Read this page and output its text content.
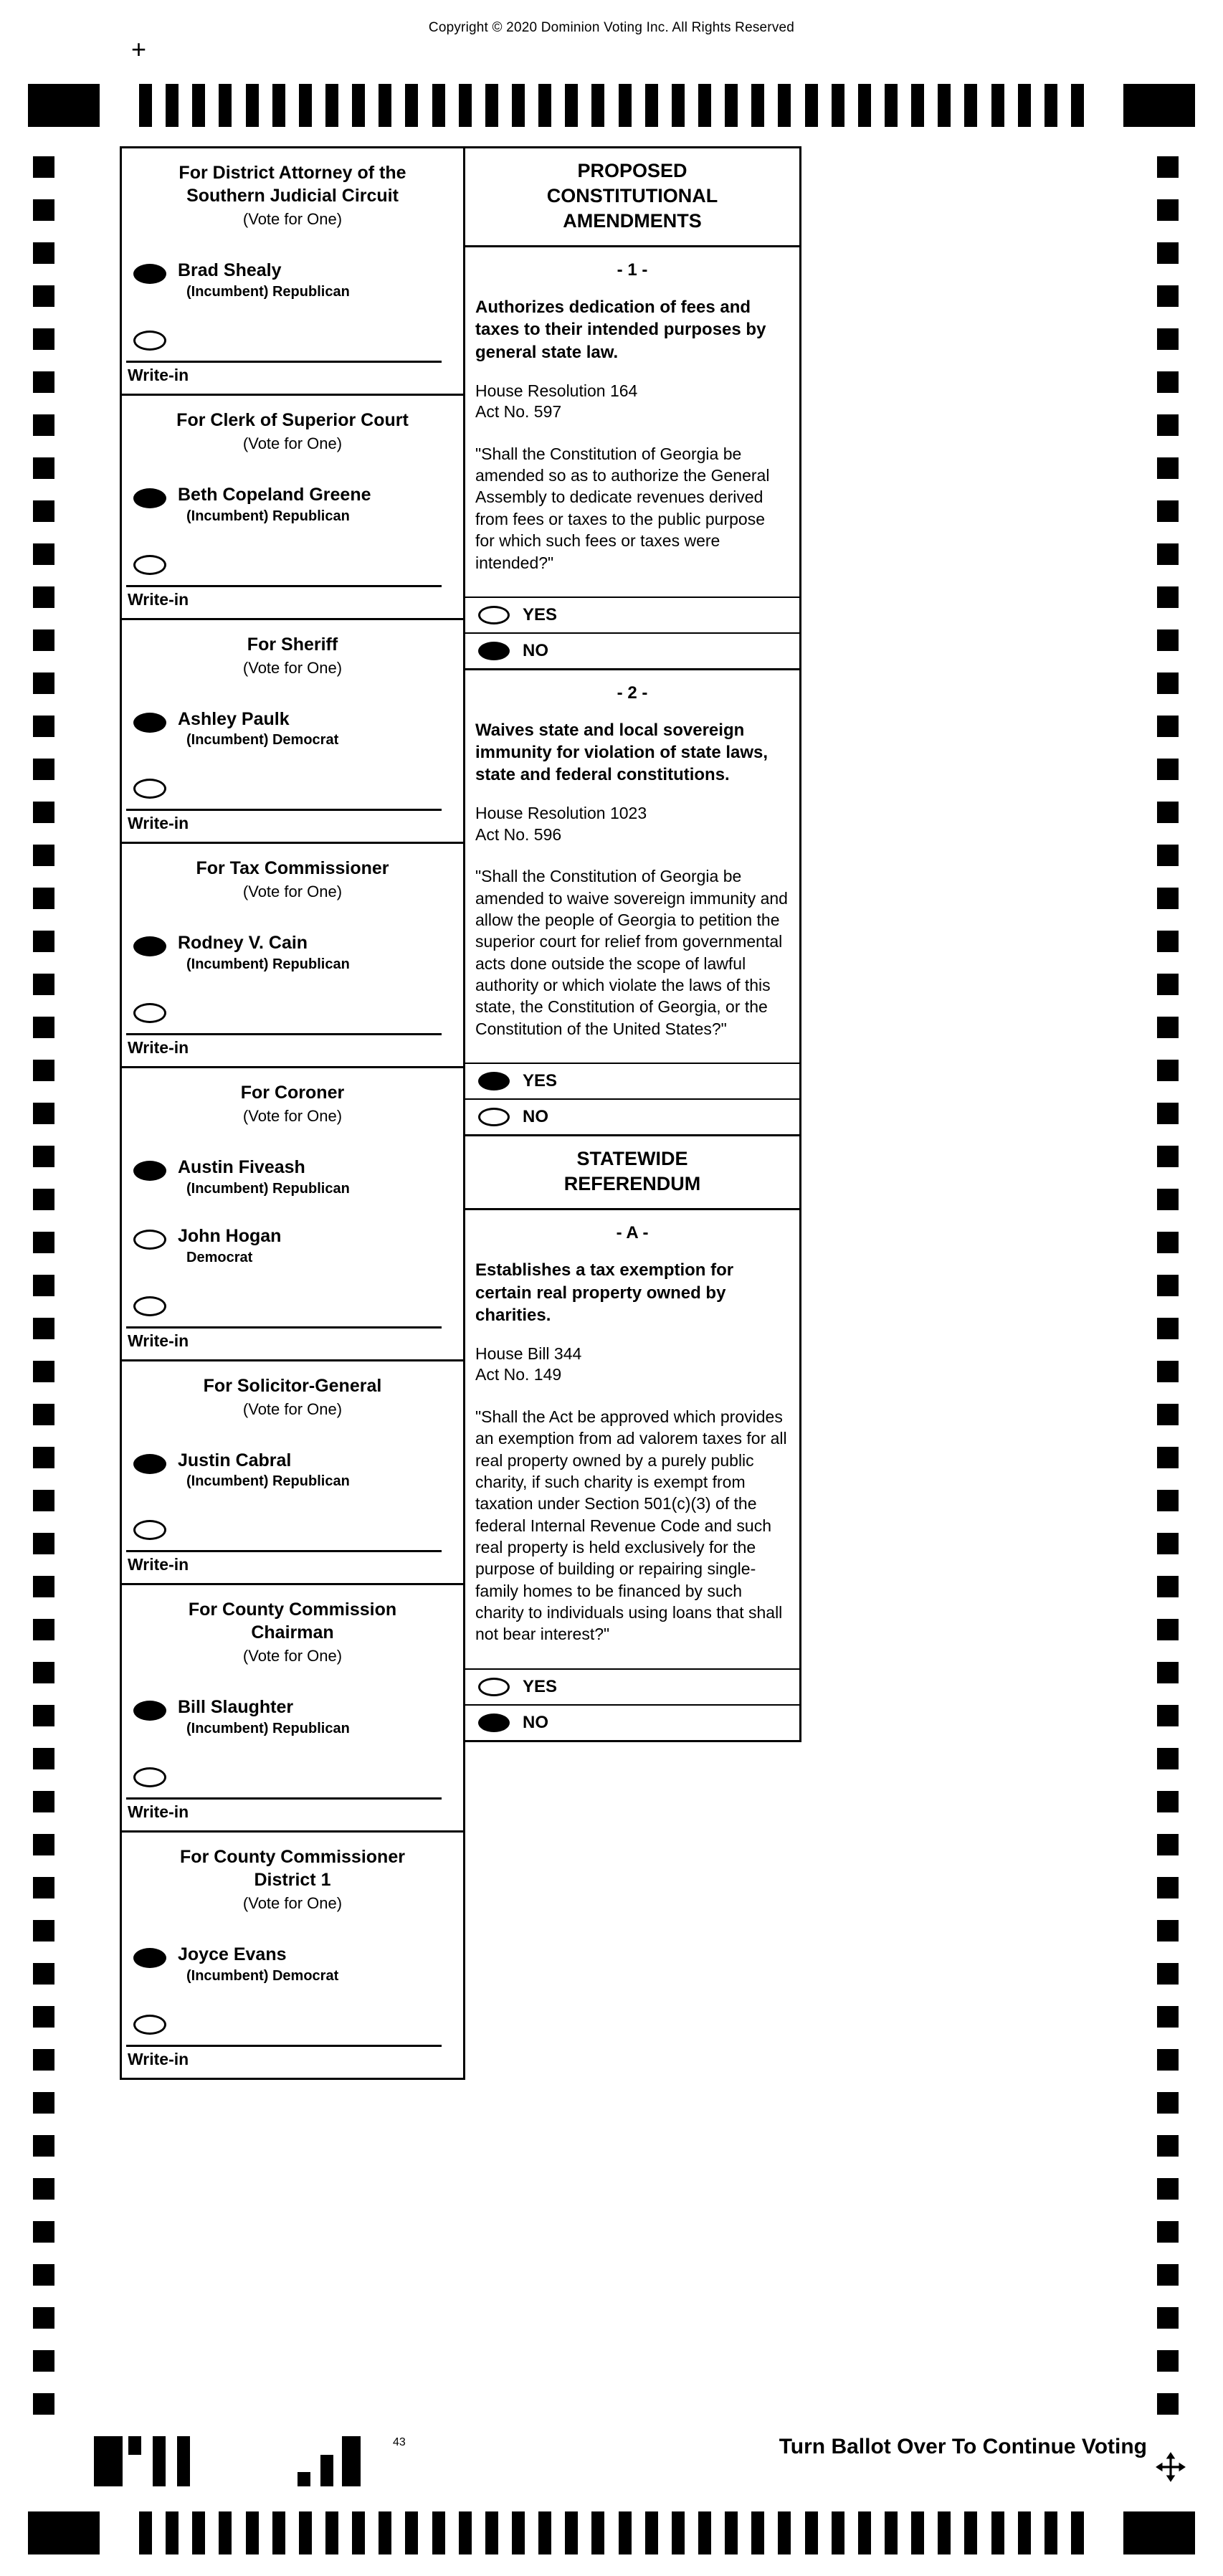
Copyright © 2020 Dominion Voting Inc. All Rights Reserved
+
For District Attorney of the Southern Judicial Circuit
(Vote for One)
Brad Shealy
(Incumbent) Republican
Write-in
For Clerk of Superior Court
(Vote for One)
Beth Copeland Greene
(Incumbent) Republican
Write-in
For Sheriff
(Vote for One)
Ashley Paulk
(Incumbent) Democrat
Write-in
For Tax Commissioner
(Vote for One)
Rodney V. Cain
(Incumbent) Republican
Write-in
For Coroner
(Vote for One)
Austin Fiveash
(Incumbent) Republican
John Hogan
Democrat
Write-in
For Solicitor-General
(Vote for One)
Justin Cabral
(Incumbent) Republican
Write-in
For County Commission Chairman
(Vote for One)
Bill Slaughter
(Incumbent) Republican
Write-in
For County Commissioner District 1
(Vote for One)
Joyce Evans
(Incumbent) Democrat
Write-in
PROPOSED CONSTITUTIONAL AMENDMENTS
- 1 -
Authorizes dedication of fees and taxes to their intended purposes by general state law.
House Resolution 164
Act No. 597
"Shall the Constitution of Georgia be amended so as to authorize the General Assembly to dedicate revenues derived from fees or taxes to the public purpose for which such fees or taxes were intended?"
YES
NO
- 2 -
Waives state and local sovereign immunity for violation of state laws, state and federal constitutions.
House Resolution 1023
Act No. 596
"Shall the Constitution of Georgia be amended to waive sovereign immunity and allow the people of Georgia to petition the superior court for relief from governmental acts done outside the scope of lawful authority or which violate the laws of this state, the Constitution of Georgia, or the Constitution of the United States?"
YES
NO
STATEWIDE REFERENDUM
- A -
Establishes a tax exemption for certain real property owned by charities.
House Bill 344
Act No. 149
"Shall the Act be approved which provides an exemption from ad valorem taxes for all real property owned by a purely public charity, if such charity is exempt from taxation under Section 501(c)(3) of the federal Internal Revenue Code and such real property is held exclusively for the purpose of building or repairing single-family homes to be financed by such charity to individuals using loans that shall not bear interest?"
YES
NO
43	Turn Ballot Over To Continue Voting
